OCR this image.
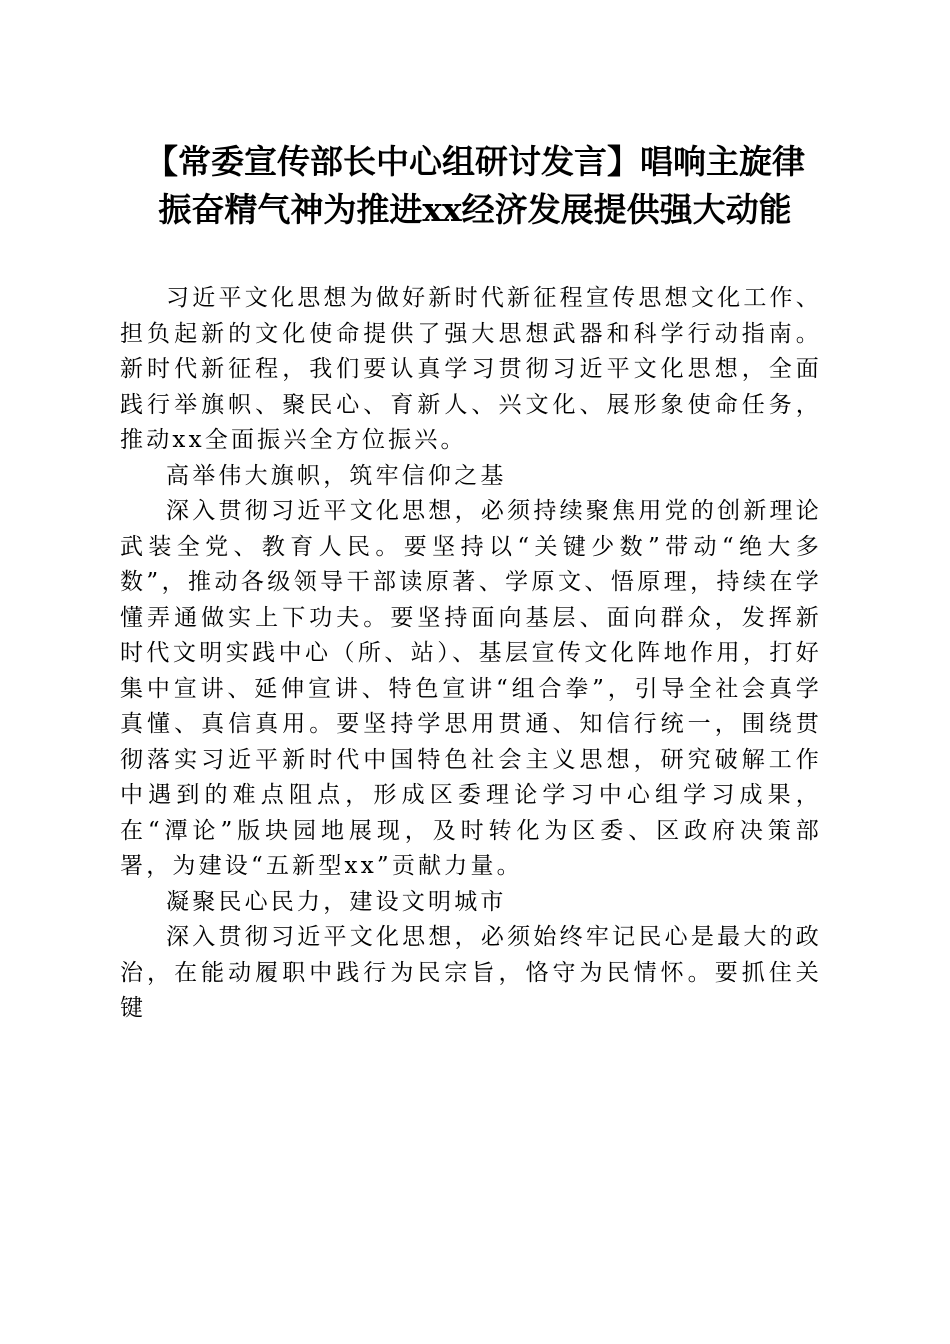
【常委宣传部长中心组研讨发言】唱响主旋律
振奋精气神为推进xx经济发展提供强大动能

习近平文化思想为做好新时代新征程宣传思想文化工作、担负起新的文化使命提供了强大思想武器和科学行动指南。新时代新征程，我们要认真学习贯彻习近平文化思想，全面践行举旗帜、聚民心、育新人、兴文化、展形象使命任务，推动xx全面振兴全方位振兴。

高举伟大旗帜，筑牢信仰之基

深入贯彻习近平文化思想，必须持续聚焦用党的创新理论武装全党、教育人民。要坚持以“关键少数”带动“绝大多数”，推动各级领导干部读原著、学原文、悟原理，持续在学懂弄通做实上下功夫。要坚持面向基层、面向群众，发挥新时代文明实践中心（所、站）、基层宣传文化阵地作用，打好集中宣讲、延伸宣讲、特色宣讲“组合拳”，引导全社会真学真懂、真信真用。要坚持学思用贯通、知信行统一，围绕贯彻落实习近平新时代中国特色社会主义思想，研究破解工作中遇到的难点阻点，形成区委理论学习中心组学习成果，在“潭论”版块园地展现，及时转化为区委、区政府决策部署，为建设“五新型xx”贡献力量。

凝聚民心民力，建设文明城市

深入贯彻习近平文化思想，必须始终牢记民心是最大的政治，在能动履职中践行为民宗旨，恪守为民情怀。要抓住关键
